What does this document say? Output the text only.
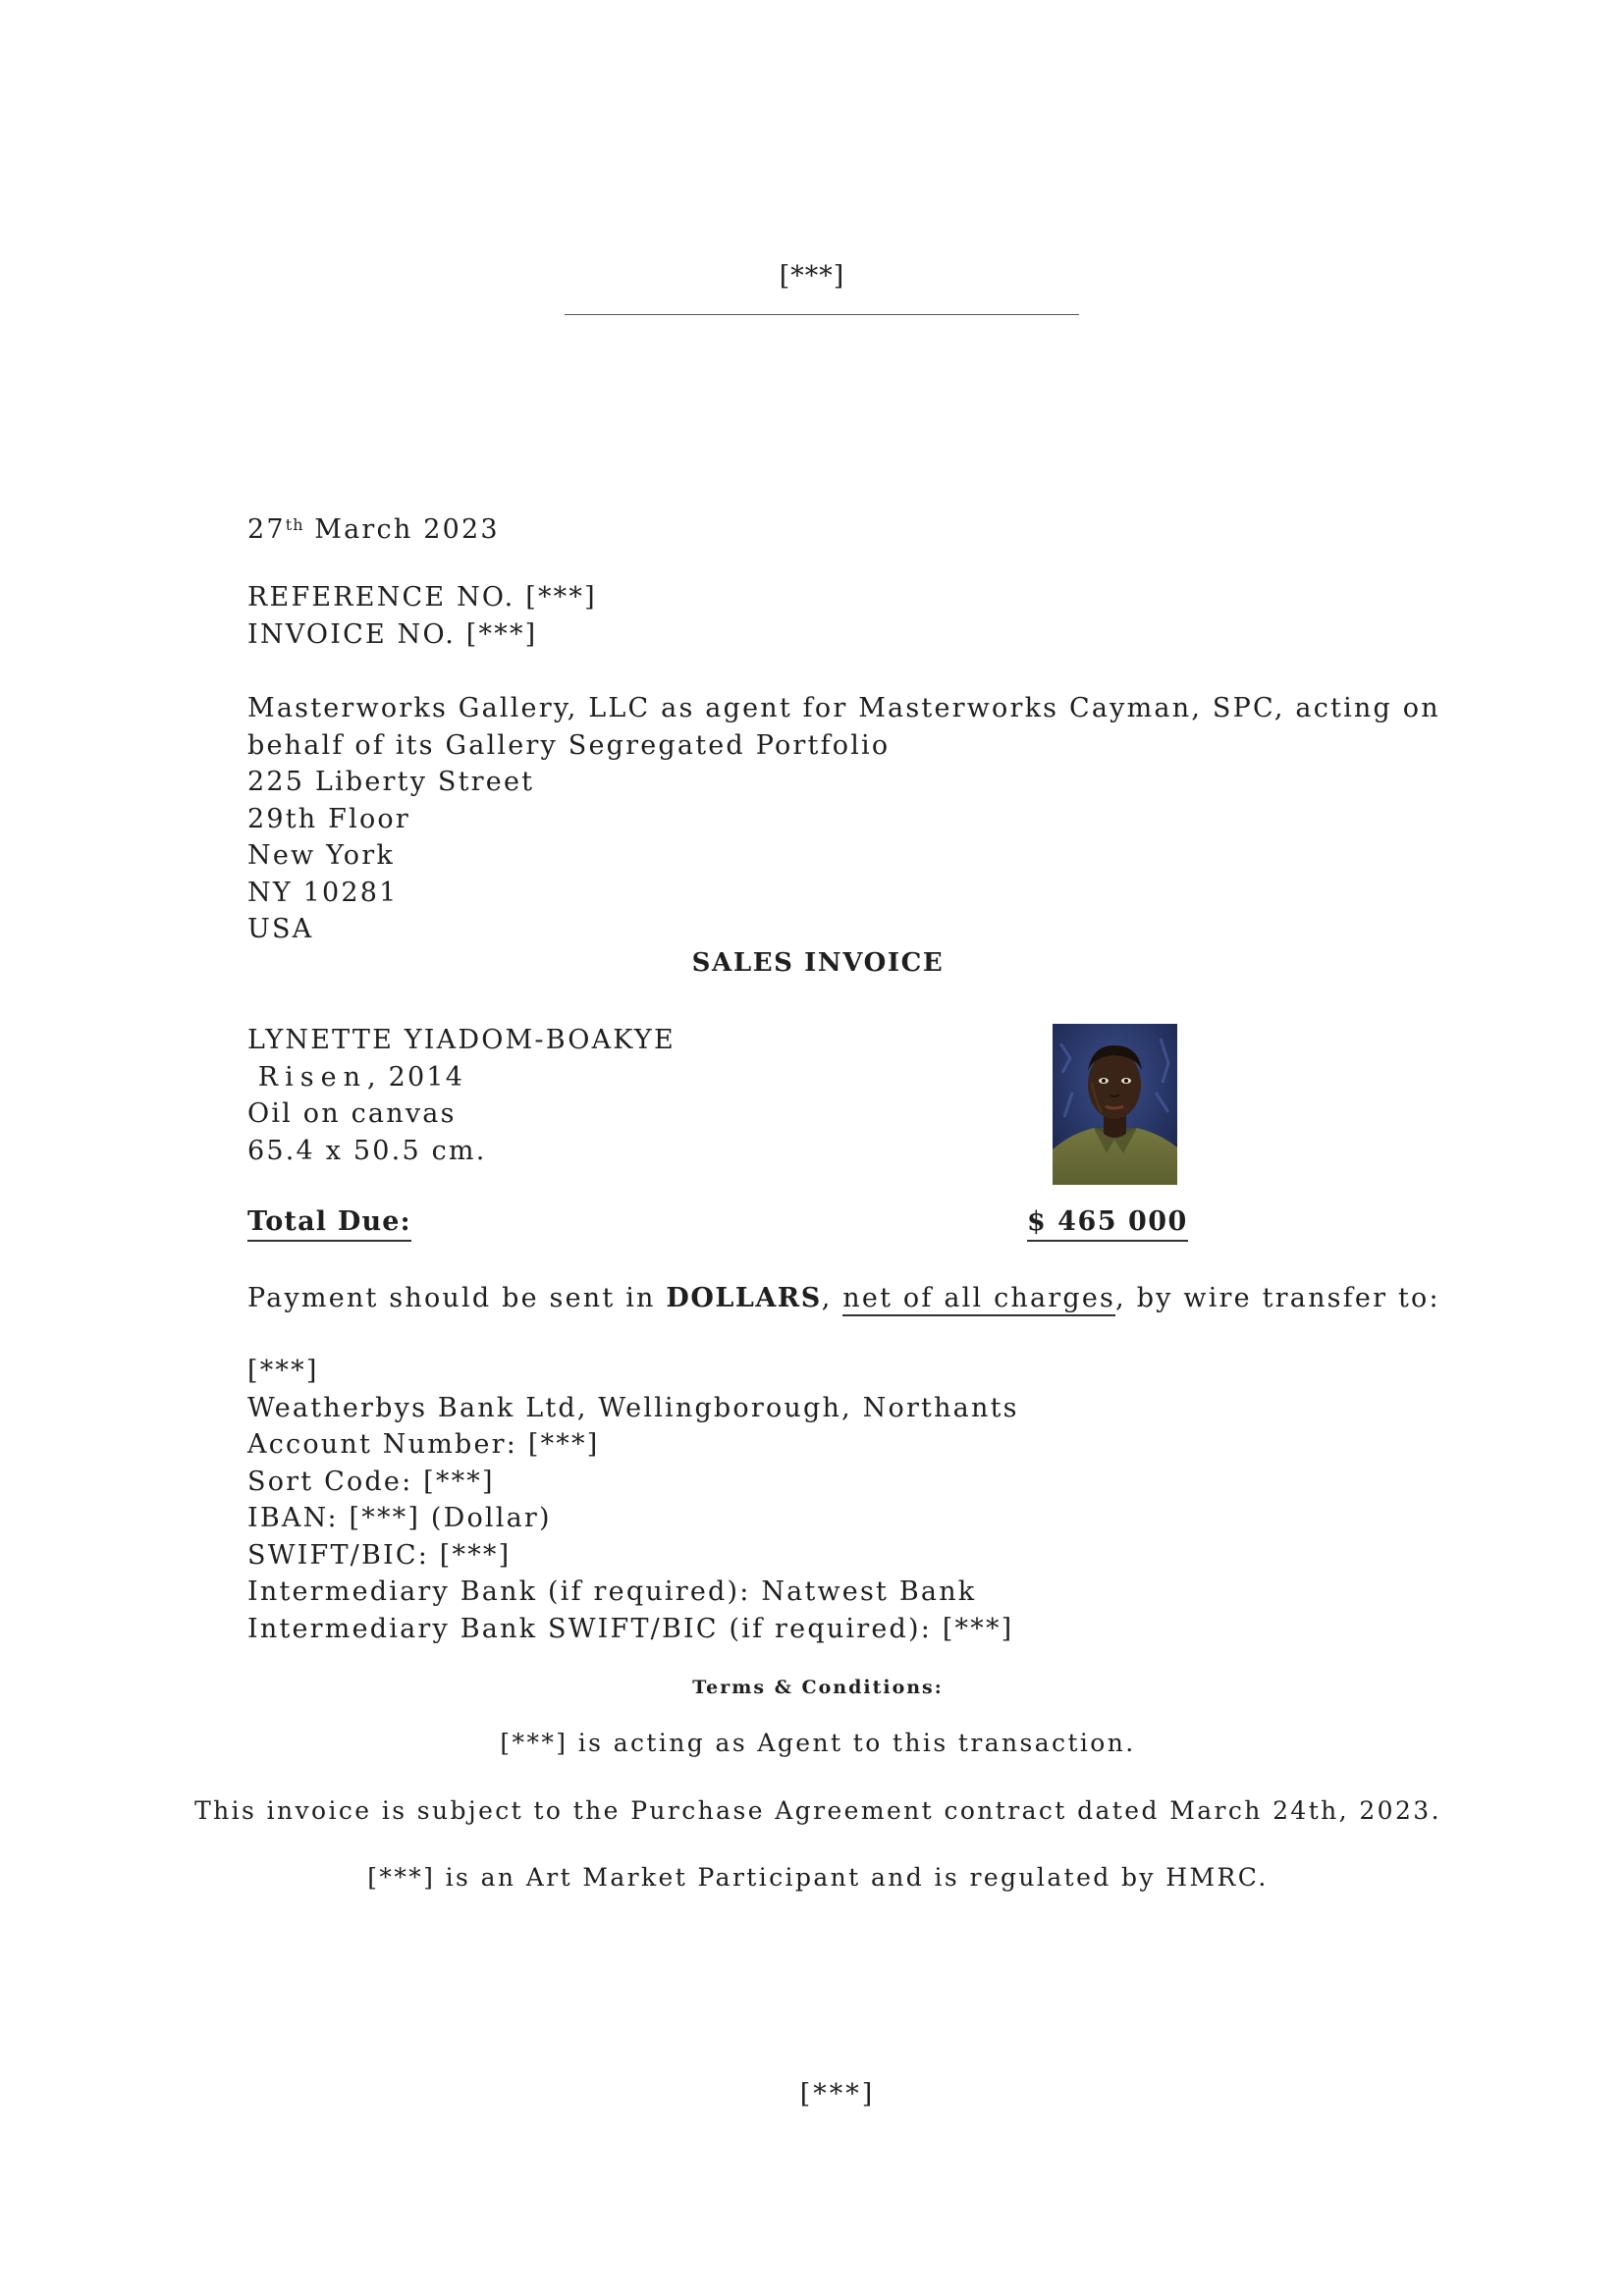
[***]
27th March 2023
REFERENCE NO. [***]
INVOICE NO. [***]
Masterworks Gallery, LLC as agent for Masterworks Cayman, SPC, acting on
behalf of its Gallery Segregated Portfolio
225 Liberty Street
29th Floor
New York
NY 10281
USA
SALES INVOICE
LYNETTE YIADOM-BOAKYE
Risen, 2014
Oil on canvas
65.4 x 50.5 cm.
Total Due:	$ 465 000
Payment should be sent in DOLLARS, net of all charges, by wire transfer to:
[***]
Weatherbys Bank Ltd, Wellingborough, Northants
Account Number: [***]
Sort Code: [***]
IBAN: [***] (Dollar)
SWIFT/BIC: [***]
Intermediary Bank (if required): Natwest Bank
Intermediary Bank SWIFT/BIC (if required): [***]
Terms & Conditions:
[***] is acting as Agent to this transaction.
This invoice is subject to the Purchase Agreement contract dated March 24th, 2023.
[***] is an Art Market Participant and is regulated by HMRC.
[***]
